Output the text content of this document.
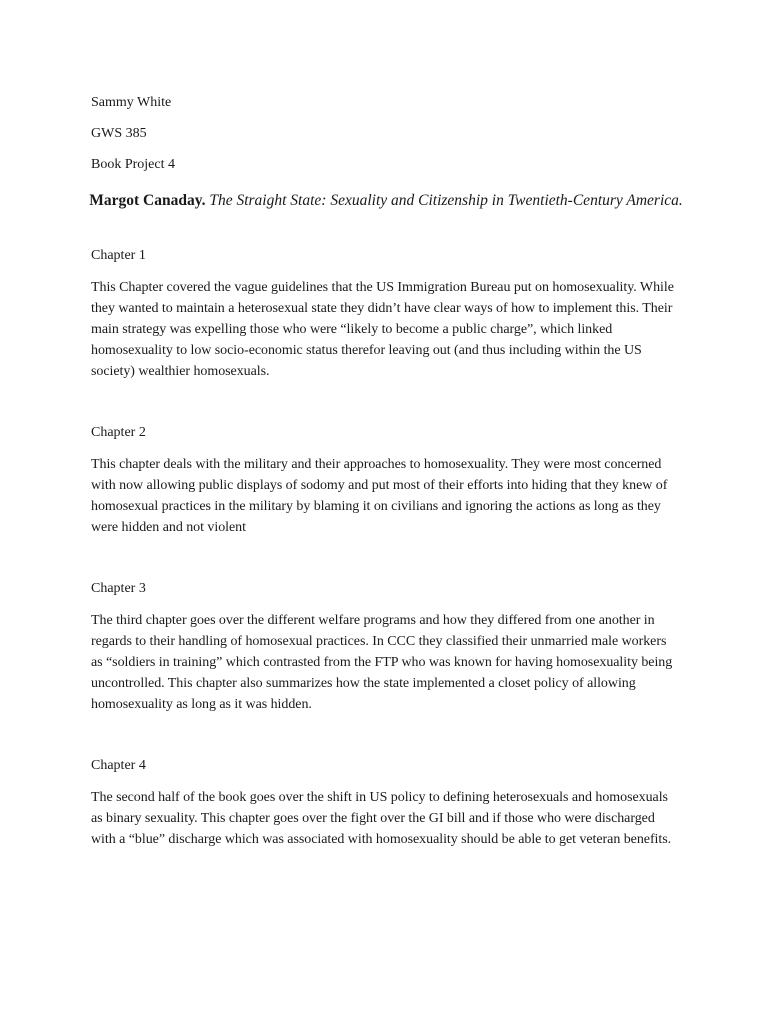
Sammy White

GWS 385

Book Project 4

Margot Canaday. The Straight State: Sexuality and Citizenship in Twentieth-Century America.

Chapter 1

This Chapter covered the vague guidelines that the US Immigration Bureau put on homosexuality. While they wanted to maintain a heterosexual state they didn’t have clear ways of how to implement this. Their main strategy was expelling those who were “likely to become a public charge”, which linked homosexuality to low socio-economic status therefor leaving out (and thus including within the US society) wealthier homosexuals.

Chapter 2

This chapter deals with the military and their approaches to homosexuality. They were most concerned with now allowing public displays of sodomy and put most of their efforts into hiding that they knew of homosexual practices in the military by blaming it on civilians and ignoring the actions as long as they were hidden and not violent

Chapter 3

The third chapter goes over the different welfare programs and how they differed from one another in regards to their handling of homosexual practices. In CCC they classified their unmarried male workers as “soldiers in training” which contrasted from the FTP who was known for having homosexuality being uncontrolled. This chapter also summarizes how the state implemented a closet policy of allowing homosexuality as long as it was hidden.

Chapter 4

The second half of the book goes over the shift in US policy to defining heterosexuals and homosexuals as binary sexuality. This chapter goes over the fight over the GI bill and if those who were discharged with a “blue” discharge which was associated with homosexuality should be able to get veteran benefits.
